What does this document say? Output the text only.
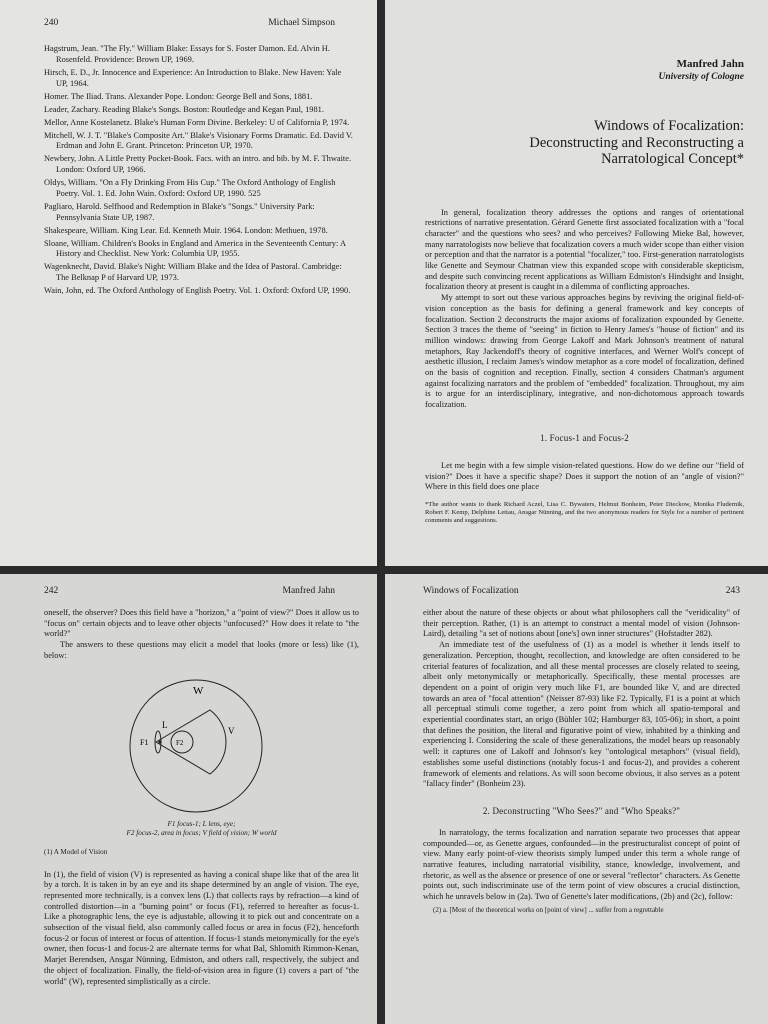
240	Michael Simpson
Hagstrum, Jean. "The Fly." William Blake: Essays for S. Foster Damon. Ed. Alvin H. Rosenfeld. Providence: Brown UP, 1969.
Hirsch, E. D., Jr. Innocence and Experience: An Introduction to Blake. New Haven: Yale UP, 1964.
Homer. The Iliad. Trans. Alexander Pope. London: George Bell and Sons, 1881.
Leader, Zachary. Reading Blake's Songs. Boston: Routledge and Kegan Paul, 1981.
Mellor, Anne Kostelanetz. Blake's Human Form Divine. Berkeley: U of California P, 1974.
Mitchell, W. J. T. "Blake's Composite Art." Blake's Visionary Forms Dramatic. Ed. David V. Erdman and John E. Grant. Princeton: Princeton UP, 1970.
Newbery, John. A Little Pretty Pocket-Book. Facs. with an intro. and bib. by M. F. Thwaite. London: Oxford UP, 1966.
Oldys, William. "On a Fly Drinking From His Cup." The Oxford Anthology of English Poetry. Vol. 1. Ed. John Wain. Oxford: Oxford UP, 1990. 525
Pagliaro, Harold. Selfhood and Redemption in Blake's "Songs." University Park: Pennsylvania State UP, 1987.
Shakespeare, William. King Lear. Ed. Kenneth Muir. 1964. London: Methuen, 1978.
Sloane, William. Children's Books in England and America in the Seventeenth Century: A History and Checklist. New York: Columbia UP, 1955.
Wagenknecht, David. Blake's Night: William Blake and the Idea of Pastoral. Cambridge: The Belknap P of Harvard UP, 1973.
Wain, John, ed. The Oxford Anthology of English Poetry. Vol. 1. Oxford: Oxford UP, 1990.
Manfred Jahn
University of Cologne
Windows of Focalization:
Deconstructing and Reconstructing a
Narratological Concept*

In general, focalization theory addresses the options and ranges of orientational restrictions of narrative presentation. Gérard Genette first associated focalization with a "focal character" and the questions who sees? and who perceives? Following Mieke Bal, however, many narratologists now believe that focalization covers a much wider scope than either vision or perception and that the narrator is a potential "focalizer," too. First-generation narratologists like Genette and Seymour Chatman view this expanded scope with considerable skepticism, and despite such convincing recent applications as William Edmiston's Hindsight and Insight, focalization theory at present is caught in a dilemma of conflicting approaches.

My attempt to sort out these various approaches begins by reviving the original field-of-vision conception as the basis for defining a general framework and key concepts of focalization. Section 2 deconstructs the major axioms of focalization expounded by Genette. Section 3 traces the theme of "seeing" in fiction to Henry James's "house of fiction" and its million windows: drawing from George Lakoff and Mark Johnson's treatment of natural metaphors, Ray Jackendoff's theory of cognitive interfaces, and Werner Wolf's concept of aesthetic illusion, I reclaim James's window metaphor as a core model of focalization, defined on the basis of cognition and reception. Finally, section 4 considers Chatman's argument against focalizing narrators and the problem of "embedded" focalization. Throughout, my aim is to argue for an interdisciplinary, integrative, and non-dichotomous approach towards focalization.

1. Focus-1 and Focus-2

Let me begin with a few simple vision-related questions. How do we define our "field of vision?" Does it have a specific shape? Does it support the notion of an "angle of vision?" Where in this field does one place

*The author wants to thank Richard Aczel, Lisa C. Bywaters, Helmut Bonheim, Peter Dieckow, Monika Fludernik, Robert F. Kemp, Delphine Lettau, Ansgar Nünning, and the two anonymous readers for Style for a number of pertinent comments and suggestions.
242	Manfred Jahn

oneself, the observer? Does this field have a "horizon," a "point of view?" Does it allow us to "focus on" certain objects and to leave other objects "unfocused?" How does it relate to "the world?"

The answers to these questions may elicit a model that looks (more or less) like (1), below:

W
V
L
F1	F2
F1 focus-1; L lens, eye;
F2 focus-2, area in focus; V field of vision; W world
(1) A Model of Vision

In (1), the field of vision (V) is represented as having a conical shape like that of the area lit by a torch. It is taken in by an eye and its shape determined by an angle of vision. The eye, represented more technically, is a convex lens (L) that collects rays by refraction—a kind of controlled distortion—in a "burning point" or focus (F1), referred to hereafter as focus-1. Like a photographic lens, the eye is adjustable, allowing it to pick out and concentrate on a subsection of the visual field, also commonly called focus or area in focus (F2), henceforth focus-2 or focus of interest or focus of attention. If focus-1 stands metonymically for the eye's owner, then focus-1 and focus-2 are alternate terms for what Bal, Shlomith Rimmon-Kenan, Marjet Berendsen, Ansgar Nünning, Edmiston, and others call, respectively, the subject and the object of focalization. Finally, the field-of-vision area in figure (1) covers a part of "the world" (W), represented simplistically as a circle.

Windows of Focalization	243

either about the nature of these objects or about what philosophers call the "veridicality" of their perception. Rather, (1) is an attempt to construct a mental model of vision (Johnson-Laird), detailing "a set of notions about [one's] own inner structures" (Hofstadter 282).

An immediate test of the usefulness of (1) as a model is whether it lends itself to generalization. Perception, thought, recollection, and knowledge are often considered to be criterial features of focalization, and all these mental processes are closely related to seeing, albeit only metonymically or metaphorically. Specifically, these mental processes are dependent on a point of origin very much like F1, are bounded like V, and are directed towards an area of "focal attention" (Neisser 87-93) like F2. Typically, F1 is a point at which all perceptual stimuli come together, a zero point from which all spatio-temporal and experiential coordinates start, an origo (Bühler 102; Hamburger 83, 105-06); in short, a point that defines the position, the literal and figurative point of view, inhabited by a thinking and experiencing I. Considering the scale of these generalizations, the model bears up reasonably well: it captures one of Lakoff and Johnson's key "ontological metaphors" (visual field), establishes some useful distinctions (notably focus-1 and focus-2), and provides a coherent framework of elements and relations. As will soon become obvious, it also serves as a potent "fallacy finder" (Bonheim 23).

2. Deconstructing "Who Sees?" and "Who Speaks?"

In narratology, the terms focalization and narration separate two processes that appear compounded—or, as Genette argues, confounded—in the prestructuralist concept of point of view. Many early point-of-view theorists simply lumped under this term a whole range of narrative features, including narratorial visibility, stance, knowledge, involvement, and rhetoric, as well as the absence or presence of one or several "reflector" characters. As Genette points out, such indiscriminate use of the term point of view obscures a crucial distinction, which he unravels below in (2a). Two of Genette's later modifications, (2b) and (2c), follow:

(2) a. [Most of the theoretical works on [point of view] ... suffer from a regrettable
